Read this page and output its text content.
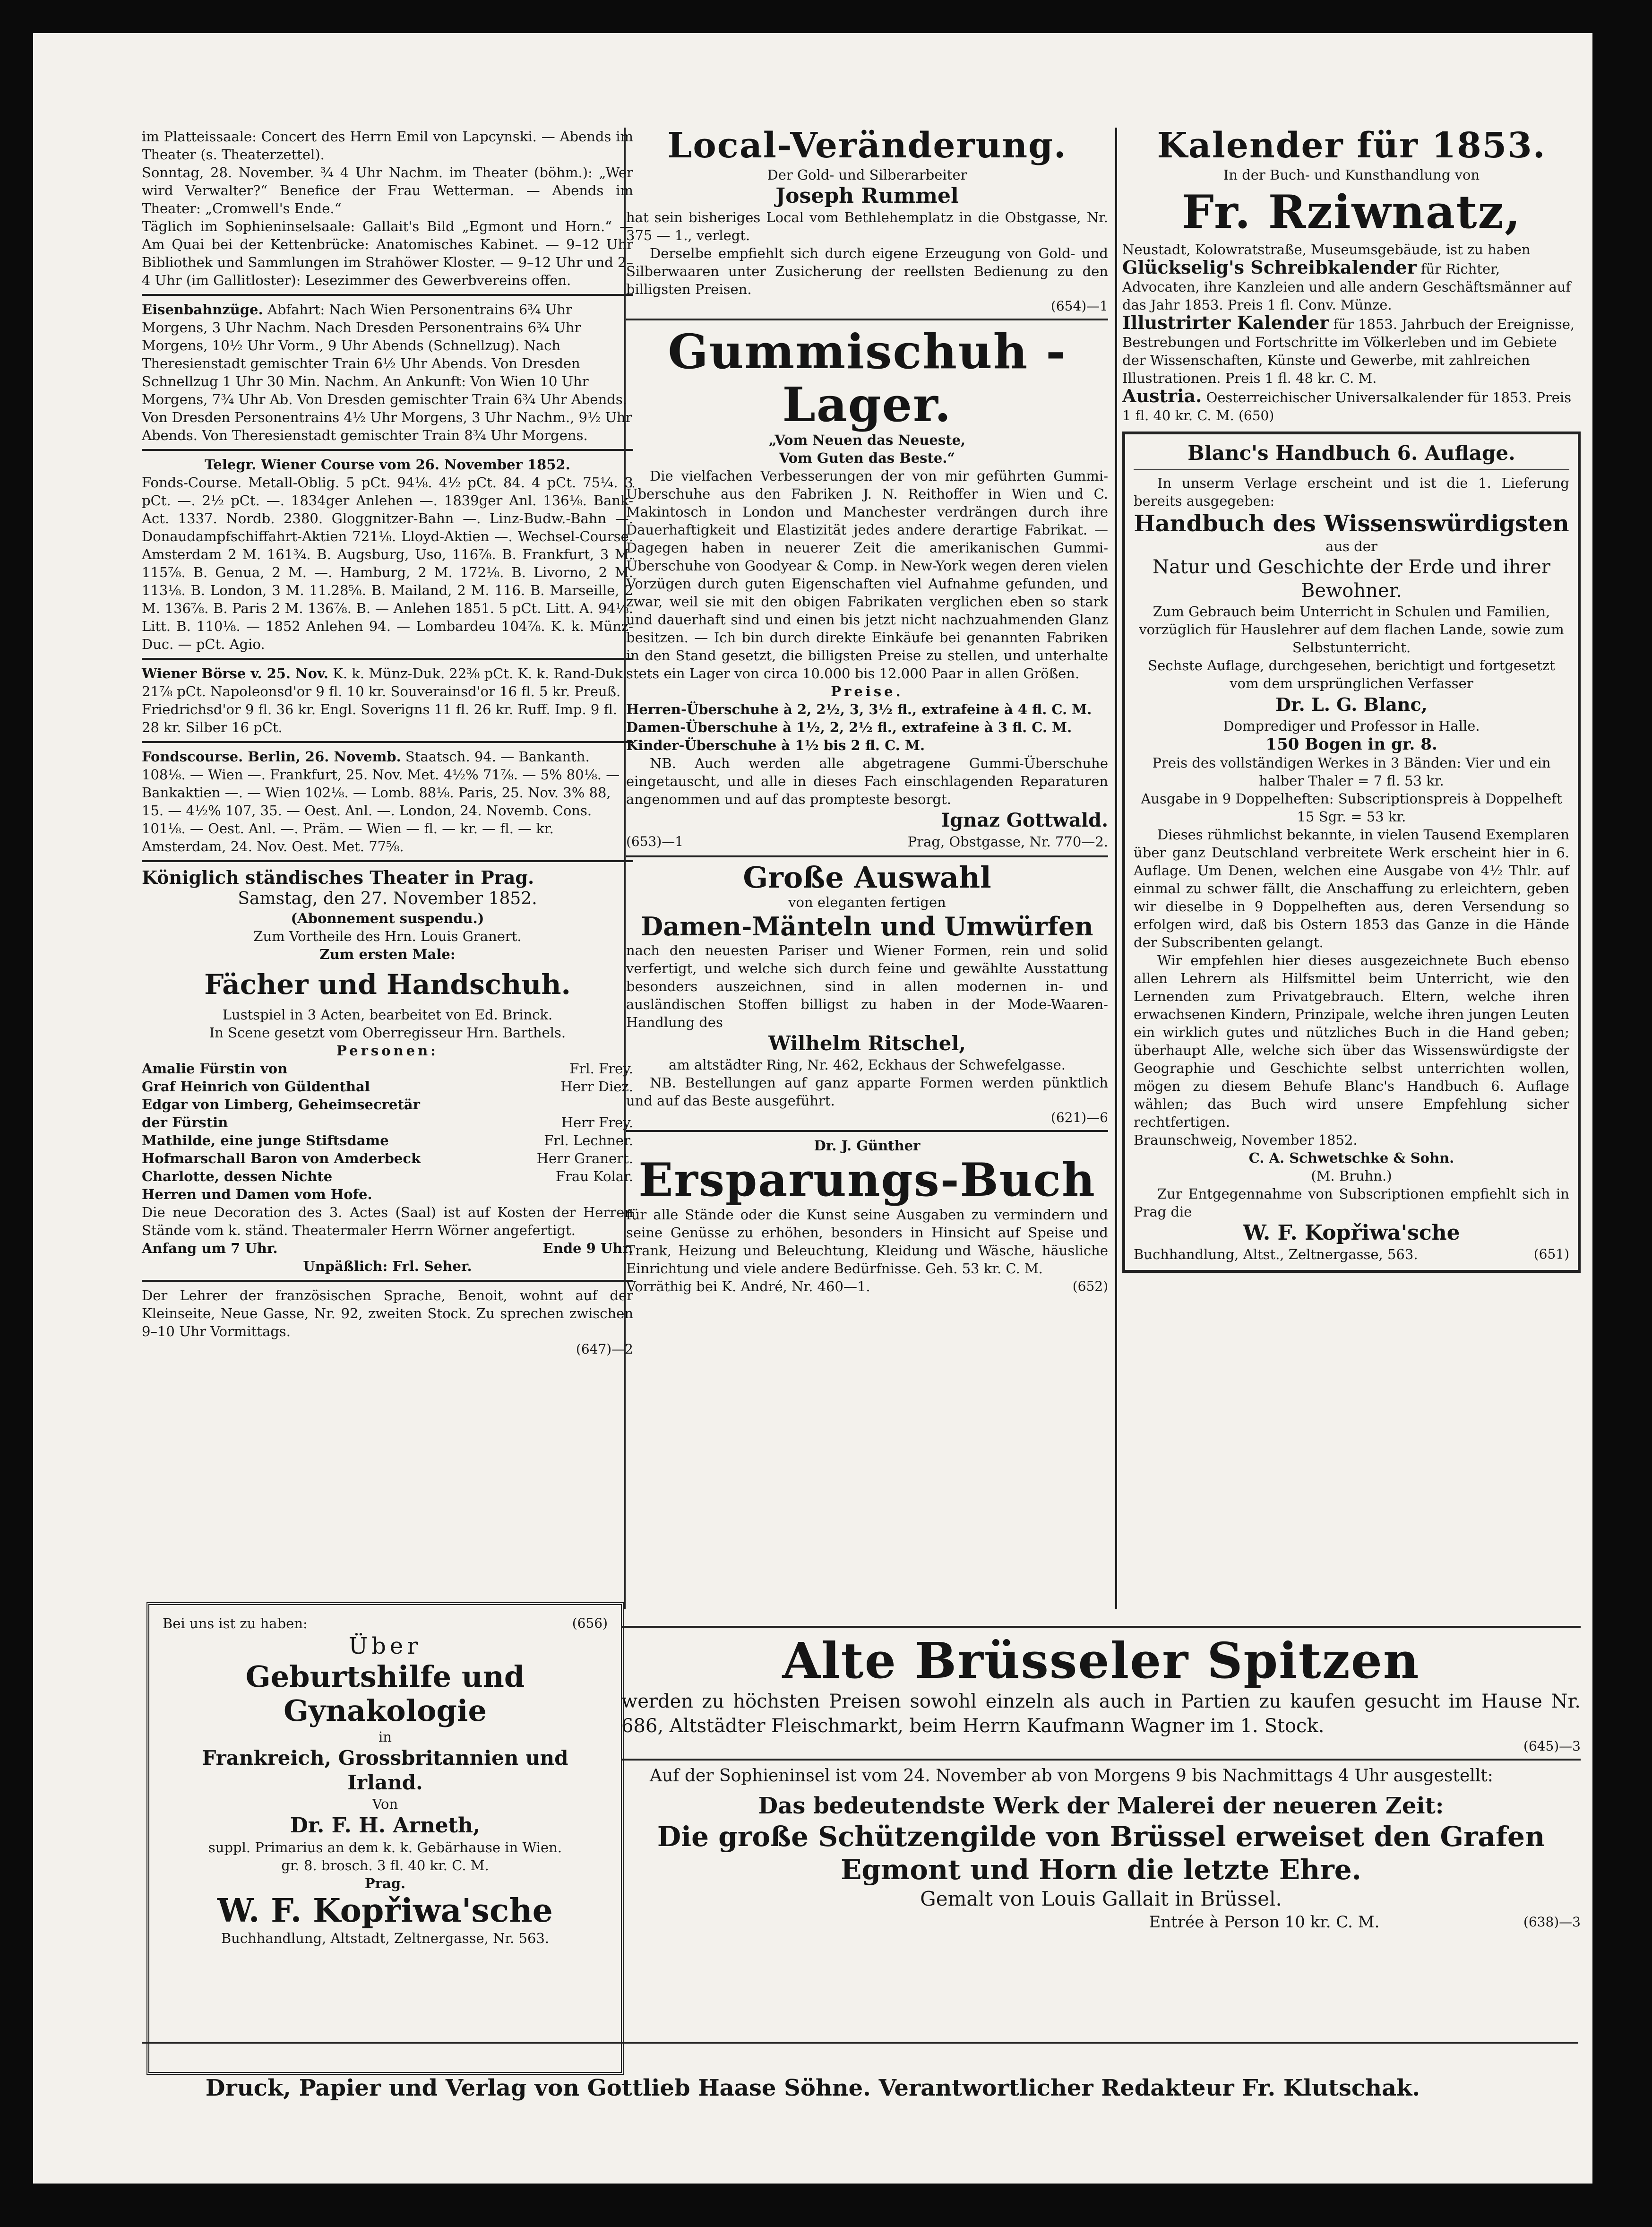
im Platteissaale: Concert des Herrn Emil von Lapcynski. — Abends im Theater (s. Theaterzettel).

Sonntag, 28. November. ¾ 4 Uhr Nachm. im Theater (böhm.): „Wer wird Verwalter?“ Benefice der Frau Wetterman. — Abends im Theater: „Cromwell's Ende.“

Täglich im Sophieninselsaale: Gallait's Bild „Egmont und Horn.“ — Am Quai bei der Kettenbrücke: Anatomisches Kabinet. — 9–12 Uhr Bibliothek und Sammlungen im Strahöwer Kloster. — 9–12 Uhr und 2–4 Uhr (im Gallitloster): Lesezimmer des Gewerbvereins offen.

Eisenbahnzüge. Abfahrt: Nach Wien Personentrains 6¾ Uhr Morgens, 3 Uhr Nachm. Nach Dresden Personentrains 6¾ Uhr Morgens, 10½ Uhr Vorm., 9 Uhr Abends (Schnellzug). Nach Theresienstadt gemischter Train 6½ Uhr Abends. Von Dresden Schnellzug 1 Uhr 30 Min. Nachm. An Ankunft: Von Wien 10 Uhr Morgens, 7¾ Uhr Ab. Von Dresden gemischter Train 6¾ Uhr Abends. Von Dresden Personentrains 4½ Uhr Morgens, 3 Uhr Nachm., 9½ Uhr Abends. Von Theresienstadt gemischter Train 8¾ Uhr Morgens.
Telegr. Wiener Course vom 26. November 1852.

Fonds-Course. Metall-Oblig. 5 pCt. 94⅛. 4½ pCt. 84. 4 pCt. 75¼. 3 pCt. —. 2½ pCt. —. 1834ger Anlehen —. 1839ger Anl. 136⅛. Bank-Act. 1337. Nordb. 2380. Gloggnitzer-Bahn —. Linz-Budw.-Bahn —. Donaudampfschiffahrt-Aktien 721⅛. Lloyd-Aktien —. Wechsel-Course. Amsterdam 2 M. 161¾. B. Augsburg, Uso, 116⅞. B. Frankfurt, 3 M. 115⅞. B. Genua, 2 M. —. Hamburg, 2 M. 172⅛. B. Livorno, 2 M. 113⅛. B. London, 3 M. 11.28⅝. B. Mailand, 2 M. 116. B. Marseille, 2 M. 136⅞. B. Paris 2 M. 136⅞. B. — Anlehen 1851. 5 pCt. Litt. A. 94⅛. Litt. B. 110⅛. — 1852 Anlehen 94. — Lombardeu 104⅞. K. k. Münz-Duc. — pCt. Agio.

Wiener Börse v. 25. Nov. K. k. Münz-Duk. 22⅜ pCt. K. k. Rand-Duk. 21⅞ pCt. Napoleonsd'or 9 fl. 10 kr. Souverainsd'or 16 fl. 5 kr. Preuß. Friedrichsd'or 9 fl. 36 kr. Engl. Soverigns 11 fl. 26 kr. Ruff. Imp. 9 fl. 28 kr. Silber 16 pCt.
Fondscourse. Berlin, 26. Novemb. Staatsch. 94. — Bankanth. 108⅛. — Wien —. Frankfurt, 25. Nov. Met. 4½% 71⅞. — 5% 80⅛. — Bankaktien —. — Wien 102⅛. — Lomb. 88⅛. Paris, 25. Nov. 3% 88, 15. — 4½% 107, 35. — Oest. Anl. —. London, 24. Novemb. Cons. 101⅛. — Oest. Anl. —. Präm. — Wien — fl. — kr. — fl. — kr. Amsterdam, 24. Nov. Oest. Met. 77⅝.
Königlich ständisches Theater in Prag.
Samstag, den 27. November 1852.
(Abonnement suspendu.)
Zum Vortheile des Hrn. Louis Granert.
Zum ersten Male:
Fächer und Handschuh.
Lustspiel in 3 Acten, bearbeitet von Ed. Brinck.
In Scene gesetzt vom Oberregisseur Hrn. Barthels.
Personen:
Amalie Fürstin von	Frl. Frey.
Graf Heinrich von Güldenthal	Herr Diez.
Edgar von Limberg, Geheimsecretär
der Fürstin	Herr Frey.
Mathilde, eine junge Stiftsdame	Frl. Lechner.
Hofmarschall Baron von Amderbeck	Herr Granert.
Charlotte, dessen Nichte	Frau Kolar.
Herren und Damen vom Hofe.

Die neue Decoration des 3. Actes (Saal) ist auf Kosten der Herren Stände vom k. ständ. Theatermaler Herrn Wörner angefertigt.

Anfang um 7 Uhr.	Ende 9 Uhr.
Unpäßlich: Frl. Seher.

Der Lehrer der französischen Sprache, Benoit, wohnt auf der Kleinseite, Neue Gasse, Nr. 92, zweiten Stock. Zu sprechen zwischen 9–10 Uhr Vormittags.

(647)—2
Bei uns ist zu haben:	(656)
Über
Geburtshilfe und Gynakologie
in
Frankreich, Grossbritannien und Irland.
Von
Dr. F. H. Arneth,
suppl. Primarius an dem k. k. Gebärhause in Wien.
gr. 8. brosch. 3 fl. 40 kr. C. M.
Prag.
W. F. Kopřiwa'sche
Buchhandlung, Altstadt, Zeltnergasse, Nr. 563.
Local-Veränderung.
Der Gold- und Silberarbeiter
Joseph Rummel

hat sein bisheriges Local vom Bethlehemplatz in die Obstgasse, Nr. 375 — 1., verlegt.

Derselbe empfiehlt sich durch eigene Erzeugung von Gold- und Silberwaaren unter Zusicherung der reellsten Bedienung zu den billigsten Preisen.

(654)—1
Gummischuh - Lager.
„Vom Neuen das Neueste,
Vom Guten das Beste.“

Die vielfachen Verbesserungen der von mir geführten Gummi-Überschuhe aus den Fabriken J. N. Reithoffer in Wien und C. Makintosch in London und Manchester verdrängen durch ihre Dauerhaftigkeit und Elastizität jedes andere derartige Fabrikat. — Dagegen haben in neuerer Zeit die amerikanischen Gummi-Überschuhe von Goodyear & Comp. in New-York wegen deren vielen Vorzügen durch guten Eigenschaften viel Aufnahme gefunden, und zwar, weil sie mit den obigen Fabrikaten verglichen eben so stark und dauerhaft sind und einen bis jetzt nicht nachzuahmenden Glanz besitzen. — Ich bin durch direkte Einkäufe bei genannten Fabriken in den Stand gesetzt, die billigsten Preise zu stellen, und unterhalte stets ein Lager von circa 10.000 bis 12.000 Paar in allen Größen.

Preise.
Herren-Überschuhe à 2, 2½, 3, 3½ fl., extrafeine à 4 fl. C. M.
Damen-Überschuhe à 1½, 2, 2½ fl., extrafeine à 3 fl. C. M.
Kinder-Überschuhe à 1½ bis 2 fl. C. M.

NB. Auch werden alle abgetragene Gummi-Überschuhe eingetauscht, und alle in dieses Fach einschlagenden Reparaturen angenommen und auf das prompteste besorgt.

Ignaz Gottwald.
(653)—1	Prag, Obstgasse, Nr. 770—2.
Große Auswahl
von eleganten fertigen
Damen-Mänteln und Umwürfen

nach den neuesten Pariser und Wiener Formen, rein und solid verfertigt, und welche sich durch feine und gewählte Ausstattung besonders auszeichnen, sind in allen modernen in- und ausländischen Stoffen billigst zu haben in der Mode-Waaren-Handlung des

Wilhelm Ritschel,
am altstädter Ring, Nr. 462, Eckhaus der Schwefelgasse.

NB. Bestellungen auf ganz apparte Formen werden pünktlich und auf das Beste ausgeführt.

(621)—6
Dr. J. Günther
Ersparungs-Buch

für alle Stände oder die Kunst seine Ausgaben zu vermindern und seine Genüsse zu erhöhen, besonders in Hinsicht auf Speise und Trank, Heizung und Beleuchtung, Kleidung und Wäsche, häusliche Einrichtung und viele andere Bedürfnisse. Geh. 53 kr. C. M.

Vorräthig bei K. André, Nr. 460—1.	(652)
Kalender für 1853.
In der Buch- und Kunsthandlung von
Fr. Rziwnatz,
Neustadt, Kolowratstraße, Museumsgebäude, ist zu haben
Glückselig's Schreibkalender für Richter, Advocaten, ihre Kanzleien und alle andern Geschäftsmänner auf das Jahr 1853. Preis 1 fl. Conv. Münze.
Illustrirter Kalender für 1853. Jahrbuch der Ereignisse, Bestrebungen und Fortschritte im Völkerleben und im Gebiete der Wissenschaften, Künste und Gewerbe, mit zahlreichen Illustrationen. Preis 1 fl. 48 kr. C. M.
Austria. Oesterreichischer Universalkalender für 1853. Preis 1 fl. 40 kr. C. M. (650)
Blanc's Handbuch 6. Auflage.

In unserm Verlage erscheint und ist die 1. Lieferung bereits ausgegeben:

Handbuch des Wissenswürdigsten
aus der
Natur und Geschichte der Erde und ihrer Bewohner.

Zum Gebrauch beim Unterricht in Schulen und Familien, vorzüglich für Hauslehrer auf dem flachen Lande, sowie zum Selbstunterricht.

Sechste Auflage, durchgesehen, berichtigt und fortgesetzt vom dem ursprünglichen Verfasser

Dr. L. G. Blanc,
Domprediger und Professor in Halle.
150 Bogen in gr. 8.

Preis des vollständigen Werkes in 3 Bänden: Vier und ein halber Thaler = 7 fl. 53 kr.

Ausgabe in 9 Doppelheften: Subscriptionspreis à Doppelheft 15 Sgr. = 53 kr.

Dieses rühmlichst bekannte, in vielen Tausend Exemplaren über ganz Deutschland verbreitete Werk erscheint hier in 6. Auflage. Um Denen, welchen eine Ausgabe von 4½ Thlr. auf einmal zu schwer fällt, die Anschaffung zu erleichtern, geben wir dieselbe in 9 Doppelheften aus, deren Versendung so erfolgen wird, daß bis Ostern 1853 das Ganze in die Hände der Subscribenten gelangt.

Wir empfehlen hier dieses ausgezeichnete Buch ebenso allen Lehrern als Hilfsmittel beim Unterricht, wie den Lernenden zum Privatgebrauch. Eltern, welche ihren erwachsenen Kindern, Prinzipale, welche ihren jungen Leuten ein wirklich gutes und nützliches Buch in die Hand geben; überhaupt Alle, welche sich über das Wissenswürdigste der Geographie und Geschichte selbst unterrichten wollen, mögen zu diesem Behufe Blanc's Handbuch 6. Auflage wählen; das Buch wird unsere Empfehlung sicher rechtfertigen.

Braunschweig, November 1852.
C. A. Schwetschke & Sohn.
(M. Bruhn.)

Zur Entgegennahme von Subscriptionen empfiehlt sich in Prag die

W. F. Kopřiwa'sche
Buchhandlung, Altst., Zeltnergasse, 563.	(651)
Alte Brüsseler Spitzen

werden zu höchsten Preisen sowohl einzeln als auch in Partien zu kaufen gesucht im Hause Nr. 686, Altstädter Fleischmarkt, beim Herrn Kaufmann Wagner im 1. Stock.

(645)—3

Auf der Sophieninsel ist vom 24. November ab von Morgens 9 bis Nachmittags 4 Uhr ausgestellt:

Das bedeutendste Werk der Malerei der neueren Zeit:
Die große Schützengilde von Brüssel erweiset den Grafen
Egmont und Horn die letzte Ehre.
Gemalt von Louis Gallait in Brüssel.
Entrée à Person 10 kr. C. M.	(638)—3
Druck, Papier und Verlag von Gottlieb Haase Söhne. Verantwortlicher Redakteur Fr. Klutschak.
